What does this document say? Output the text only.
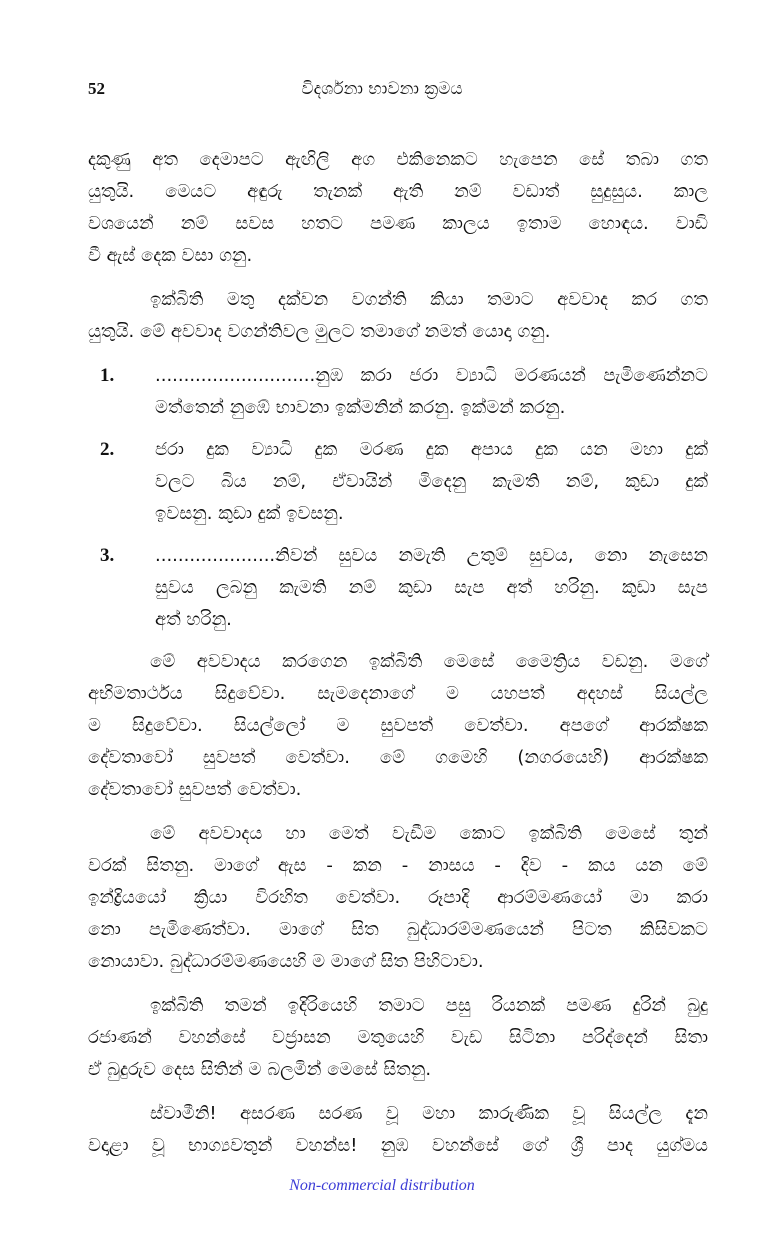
52	විදර්ශනා භාවනා ක්‍රමය
දකුණු අත දෙමාපට ඇඟිලි අග එකිනෙකට හැපෙන සේ තබා ගත
යුතුයි. මෙයට අඳුරු තැනක් ඇති නම් වඩාත් සුදුසුය. කාල
වශයෙන් නම් සවස හතට පමණ කාලය ඉතාම හොඳය. වාඩි
වී ඇස් දෙක වසා ගනු.
ඉක්බිති මතු දක්වන වගන්ති කියා තමාට අවවාද කර ගත
යුතුයි. මේ අවවාද වගන්තිවල මුලට තමාගේ නමත් යොදා ගනු.
1.	............................නුඹ කරා ජරා ව්‍යාධි මරණයන් පැමිණෙන්නට
මත්තෙන් නුඹේ භාවනා ඉක්මනින් කරනු. ඉක්මන් කරනු.
2.	ජරා දුක ව්‍යාධි දුක මරණ දුක අපාය දුක යන මහා දුක්
වලට බිය නම්, ඒවායින් මිදෙනු කැමති නම්, කුඩා දුක්
ඉවසනු. කුඩා දුක් ඉවසනු.
3.	.....................නිවන් සුවය නමැති උතුම් සුවය, නො නැසෙන
සුවය ලබනු කැමති නම් කුඩා සැප අත් හරිනු. කුඩා සැප
අත් හරිනු.
මේ අවවාදය කරගෙන ඉක්බිති මෙසේ මෛත්‍රිය වඩනු. මගේ
අභිමතාර්ථය සිදුවේවා. සැමදෙනාගේ ම යහපත් අදහස් සියල්ල
ම සිදුවේවා. සියල්ලෝ ම සුවපත් වෙත්වා. අපගේ ආරක්ෂක
දේවතාවෝ සුවපත් වෙත්වා. මේ ගමෙහි (නගරයෙහි) ආරක්ෂක
දේවතාවෝ සුවපත් වෙත්වා.
මේ අවවාදය හා මෙත් වැඩීම කොට ඉක්බිති මෙසේ තුන්
වරක් සිතනු. මාගේ ඇස - කන - නාසය - දිව - කය යන මේ
ඉන්ද්‍රියයෝ ක්‍රියා විරහිත වෙත්වා. රූපාදි ආරම්මණයෝ මා කරා
නො පැමිණෙත්වා. මාගේ සිත බුද්ධාරම්මණයෙන් පිටත කිසිවකට
නොයාවා. බුද්ධාරම්මණයෙහි ම මාගේ සිත පිහිටාවා.
ඉක්බිති තමන් ඉදිරියෙහි තමාට පසු රියනක් පමණ දුරින් බුදු
රජාණන් වහන්සේ වජ්‍රාසන මතුයෙහි වැඩ සිටිනා පරිද්දෙන් සිතා
ඒ බුදුරුව දෙස සිතින් ම බලමින් මෙසේ සිතනු.
ස්වාමීනි! අසරණ සරණ වූ මහා කාරුණික වූ සියල්ල දැන
වදාළා වූ භාග්‍යවතුන් වහන්ස! නුඹ වහන්සේ ගේ ශ්‍රී පාද යුග්මය
Non-commercial distribution
